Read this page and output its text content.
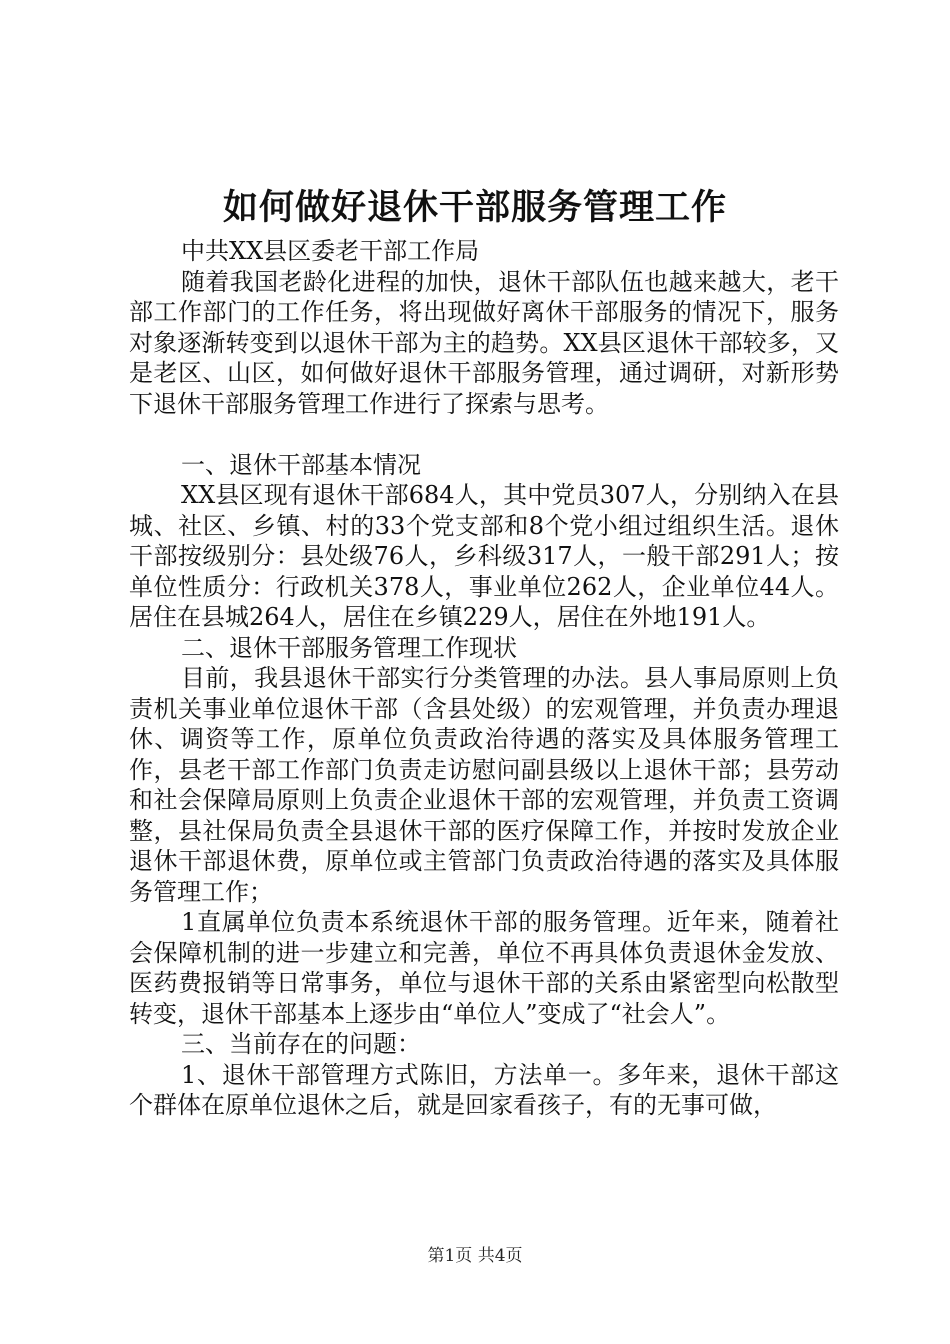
如何做好退休干部服务管理工作

中共XX县区委老干部工作局

随着我国老龄化进程的加快，退休干部队伍也越来越大，老干部工作部门的工作任务，将出现做好离休干部服务的情况下，服务对象逐渐转变到以退休干部为主的趋势。XX县区退休干部较多，又是老区、山区，如何做好退休干部服务管理，通过调研，对新形势下退休干部服务管理工作进行了探索与思考。

一、退休干部基本情况

XX县区现有退休干部684人，其中党员307人，分别纳入在县城、社区、乡镇、村的33个党支部和8个党小组过组织生活。退休干部按级别分：县处级76人，乡科级317人，一般干部291人；按单位性质分：行政机关378人，事业单位262人，企业单位44人。居住在县城264人，居住在乡镇229人，居住在外地191人。

二、退休干部服务管理工作现状

目前，我县退休干部实行分类管理的办法。县人事局原则上负责机关事业单位退休干部（含县处级）的宏观管理，并负责办理退休、调资等工作，原单位负责政治待遇的落实及具体服务管理工作，县老干部工作部门负责走访慰问副县级以上退休干部；县劳动和社会保障局原则上负责企业退休干部的宏观管理，并负责工资调整，县社保局负责全县退休干部的医疗保障工作，并按时发放企业退休干部退休费，原单位或主管部门负责政治待遇的落实及具体服务管理工作；

1直属单位负责本系统退休干部的服务管理。近年来，随着社会保障机制的进一步建立和完善，单位不再具体负责退休金发放、医药费报销等日常事务，单位与退休干部的关系由紧密型向松散型转变，退休干部基本上逐步由“单位人”变成了“社会人”。

三、当前存在的问题：

1、退休干部管理方式陈旧，方法单一。多年来，退休干部这个群体在原单位退休之后，就是回家看孩子，有的无事可做，

第1页 共4页
